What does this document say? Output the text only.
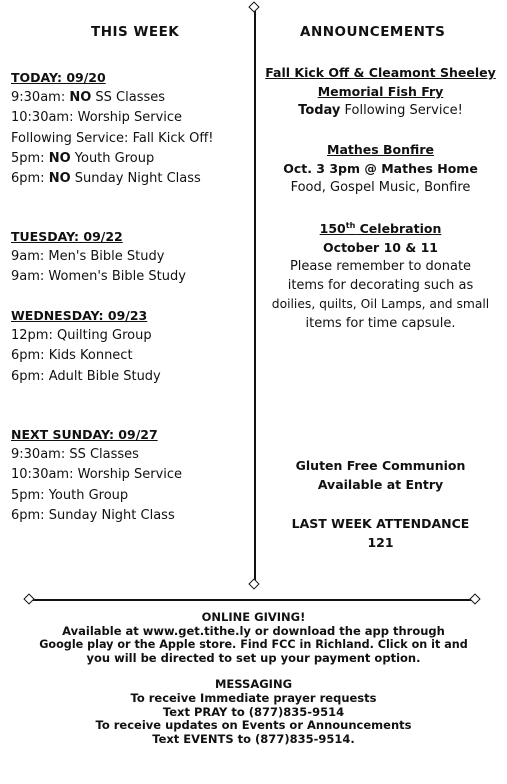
THIS WEEK
TODAY: 09/20
9:30am: NO SS Classes
10:30am: Worship Service
Following Service: Fall Kick Off!
5pm: NO Youth Group
6pm: NO Sunday Night Class
TUESDAY: 09/22
9am: Men's Bible Study
9am: Women's Bible Study
WEDNESDAY: 09/23
12pm: Quilting Group
6pm: Kids Konnect
6pm: Adult Bible Study
NEXT SUNDAY: 09/27
9:30am: SS Classes
10:30am: Worship Service
5pm: Youth Group
6pm: Sunday Night Class
ANNOUNCEMENTS
Fall Kick Off & Cleamont Sheeley
Memorial Fish Fry
Today Following Service!
Mathes Bonfire
Oct. 3 3pm @ Mathes Home
Food, Gospel Music, Bonfire
150th Celebration
October 10 & 11
Please remember to donate
items for decorating such as
doilies, quilts, Oil Lamps, and small
items for time capsule.
Gluten Free Communion
Available at Entry
LAST WEEK ATTENDANCE
121
ONLINE GIVING!
Available at www.get.tithe.ly or download the app through
Google play or the Apple store. Find FCC in Richland. Click on it and
you will be directed to set up your payment option.
MESSAGING
To receive Immediate prayer requests
Text PRAY to (877)835-9514
To receive updates on Events or Announcements
Text EVENTS to (877)835-9514.
